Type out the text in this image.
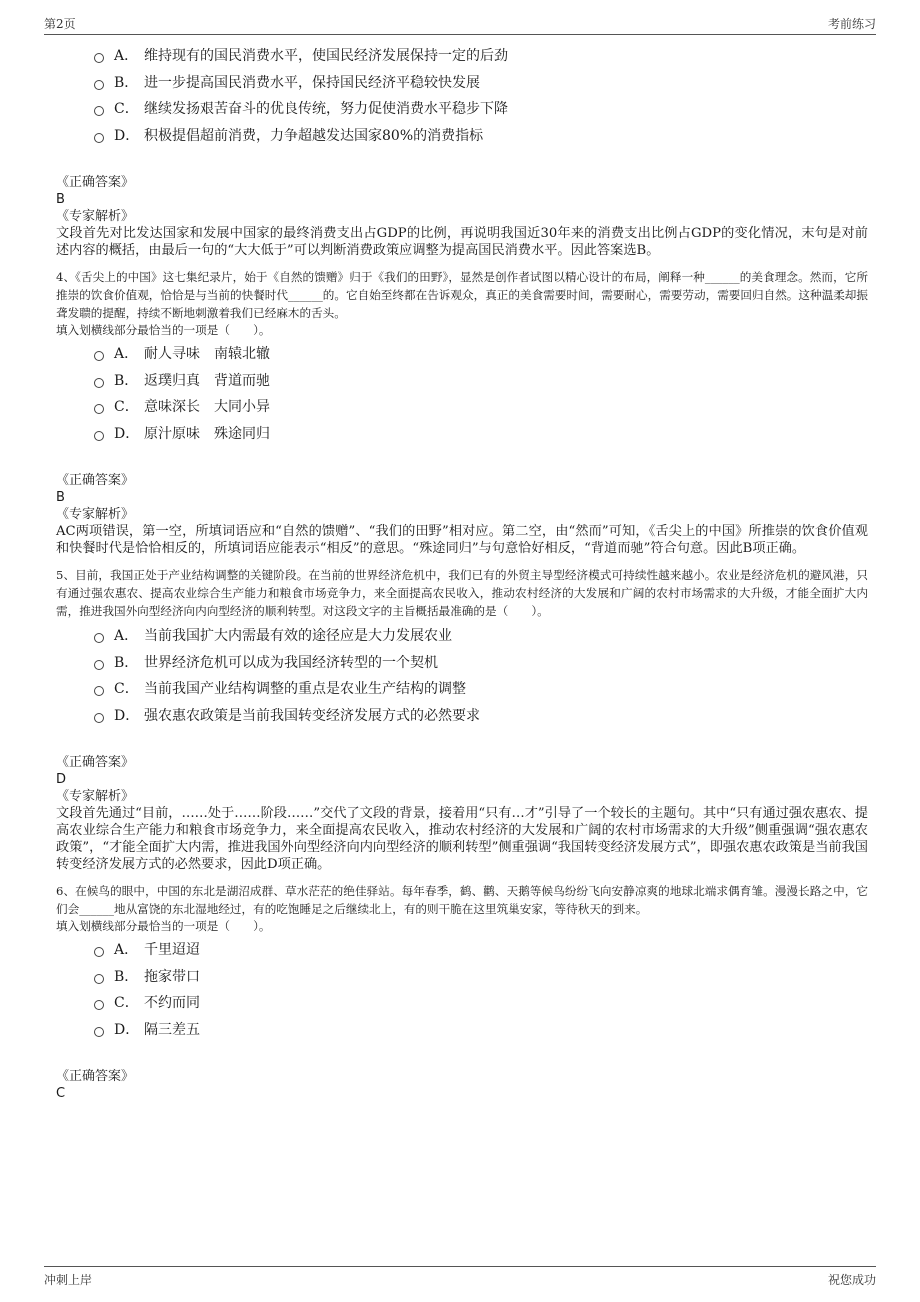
第2页	考前练习
A． 维持现有的国民消费水平，使国民经济发展保持一定的后劲
B． 进一步提高国民消费水平，保持国民经济平稳较快发展
C． 继续发扬艰苦奋斗的优良传统，努力促使消费水平稳步下降
D． 积极提倡超前消费，力争超越发达国家80%的消费指标
《正确答案》
B
《专家解析》
文段首先对比发达国家和发展中国家的最终消费支出占GDP的比例，再说明我国近30年来的消费支出比例占GDP的变化情况，末句是对前述内容的概括，由最后一句的“大大低于”可以判断消费政策应调整为提高国民消费水平。因此答案选B。
4、《舌尖上的中国》这七集纪录片，始于《自然的馈赠》归于《我们的田野》，显然是创作者试图以精心设计的布局，阐释一种______的美食理念。然而，它所推崇的饮食价值观，恰恰是与当前的快餐时代______的。它自始至终都在告诉观众，真正的美食需要时间，需要耐心，需要劳动，需要回归自然。这种温柔却振聋发聩的提醒，持续不断地刺激着我们已经麻木的舌头。
填入划横线部分最恰当的一项是（　　）。
A． 耐人寻味　南辕北辙
B． 返璞归真　背道而驰
C． 意味深长　大同小异
D． 原汁原味　殊途同归
《正确答案》
B
《专家解析》
AC两项错误，第一空，所填词语应和“自然的馈赠”、“我们的田野”相对应。第二空，由“然而”可知，《舌尖上的中国》所推崇的饮食价值观和快餐时代是恰恰相反的，所填词语应能表示“相反”的意思。“殊途同归”与句意恰好相反，“背道而驰”符合句意。因此B项正确。
5、目前，我国正处于产业结构调整的关键阶段。在当前的世界经济危机中，我们已有的外贸主导型经济模式可持续性越来越小。农业是经济危机的避风港，只有通过强农惠农、提高农业综合生产能力和粮食市场竞争力，来全面提高农民收入，推动农村经济的大发展和广阔的农村市场需求的大升级，才能全面扩大内需，推进我国外向型经济向内向型经济的顺利转型。对这段文字的主旨概括最准确的是（　　）。
A． 当前我国扩大内需最有效的途径应是大力发展农业
B． 世界经济危机可以成为我国经济转型的一个契机
C． 当前我国产业结构调整的重点是农业生产结构的调整
D． 强农惠农政策是当前我国转变经济发展方式的必然要求
《正确答案》
D
《专家解析》
文段首先通过“目前，……处于……阶段……”交代了文段的背景，接着用“只有…才”引导了一个较长的主题句。其中“只有通过强农惠农、提高农业综合生产能力和粮食市场竞争力，来全面提高农民收入，推动农村经济的大发展和广阔的农村市场需求的大升级”侧重强调“强农惠农政策”，“才能全面扩大内需，推进我国外向型经济向内向型经济的顺利转型”侧重强调“我国转变经济发展方式”，即强农惠农政策是当前我国转变经济发展方式的必然要求，因此D项正确。
6、在候鸟的眼中，中国的东北是湖沼成群、草水茫茫的绝佳驿站。每年春季，鹤、鹳、天鹅等候鸟纷纷飞向安静凉爽的地球北端求偶育雏。漫漫长路之中，它们会______地从富饶的东北湿地经过，有的吃饱睡足之后继续北上，有的则干脆在这里筑巢安家，等待秋天的到来。
填入划横线部分最恰当的一项是（　　）。
A． 千里迢迢
B． 拖家带口
C． 不约而同
D． 隔三差五
《正确答案》
C
冲刺上岸	祝您成功
